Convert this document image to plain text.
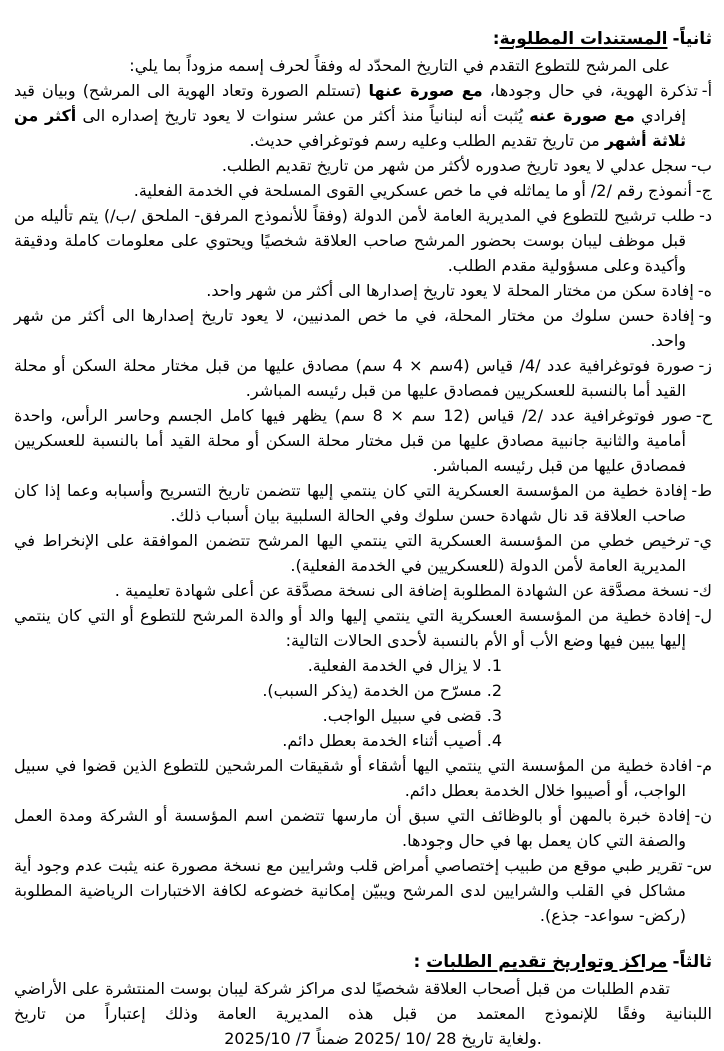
ثانياً-المستندات المطلوبة:

على المرشح للتطوع التقدم في التاريخ المحدّد له وفقاً لحرف إسمه مزوداً بما يلي:

أ-تذكرة الهوية، في حال وجودها، مع صورة عنها (تستلم الصورة وتعاد الهوية الى المرشح) وبيان قيد إفرادي مع صورة عنه يُثبت أنه لبنانياً منذ أكثر من عشر سنوات لا يعود تاريخ إصداره الى أكثر من ثلاثة أشهر من تاريخ تقديم الطلب وعليه رسم فوتوغرافي حديث.
ب-سجل عدلي لا يعود تاريخ صدوره لأكثر من شهر من تاريخ تقديم الطلب.
ج-أنموذج رقم /2/ أو ما يماثله في ما خص عسكريي القوى المسلحة في الخدمة الفعلية.
د-طلب ترشيح للتطوع في المديرية العامة لأمن الدولة (وفقاً للأنموذج المرفق- الملحق /ب/) يتم تأليله من قبل موظف ليبان بوست بحضور المرشح صاحب العلاقة شخصيًا ويحتوي على معلومات كاملة ودقيقة وأكيدة وعلى مسؤولية مقدم الطلب.
ه-إفادة سكن من مختار المحلة لا يعود تاريخ إصدارها الى أكثر من شهر واحد.
و-إفادة حسن سلوك من مختار المحلة، في ما خص المدنيين، لا يعود تاريخ إصدارها الى أكثر من شهر واحد.
ز-صورة فوتوغرافية عدد /4/ قياس (4سم × 4 سم) مصادق عليها من قبل مختار محلة السكن أو محلة القيد أما بالنسبة للعسكريين فمصادق عليها من قبل رئيسه المباشر.
ح-صور فوتوغرافية عدد /2/ قياس (12 سم × 8 سم) يظهر فيها كامل الجسم وحاسر الرأس، واحدة أمامية والثانية جانبية مصادق عليها من قبل مختار محلة السكن أو محلة القيد أما بالنسبة للعسكريين فمصادق عليها من قبل رئيسه المباشر.
ط-إفادة خطية من المؤسسة العسكرية التي كان ينتمي إليها تتضمن تاريخ التسريح وأسبابه وعما إذا كان صاحب العلاقة قد نال شهادة حسن سلوك وفي الحالة السلبية بيان أسباب ذلك.
ي-ترخيص خطي من المؤسسة العسكرية التي ينتمي اليها المرشح تتضمن الموافقة على الإنخراط في المديرية العامة لأمن الدولة (للعسكريين في الخدمة الفعلية).
ك-نسخة مصدَّقة عن الشهادة المطلوبة إضافة الى نسخة مصدَّقة عن أعلى شهادة تعليمية .
ل-إفادة خطية من المؤسسة العسكرية التي ينتمي إليها والد أو والدة المرشح للتطوع أو التي كان ينتمي إليها يبين فيها وضع الأب أو الأم بالنسبة لأحدى الحالات التالية:
1. لا يزال في الخدمة الفعلية.
2. مسرّح من الخدمة (يذكر السبب).
3. قضى في سبيل الواجب.
4. أصيب أثناء الخدمة بعطل دائم.
م-افادة خطية من المؤسسة التي ينتمي اليها أشقاء أو شقيقات المرشحين للتطوع الذين قضوا في سبيل الواجب، أو أصيبوا خلال الخدمة بعطل دائم.
ن-إفادة خبرة بالمهن أو بالوظائف التي سبق أن مارسها تتضمن اسم المؤسسة أو الشركة ومدة العمل والصفة التي كان يعمل بها في حال وجودها.
س-تقرير طبي موقع من طبيب إختصاصي أمراض قلب وشرايين مع نسخة مصورة عنه يثبت عدم وجود أية مشاكل في القلب والشرايين لدى المرشح ويبيّن إمكانية خضوعه لكافة الاختبارات الرياضية المطلوبة (ركض- سواعد- جذع).
ثالثاً-مراكز وتواريخ تقديم الطلبات :

تقدم الطلبات من قبل أصحاب العلاقة شخصيًا لدى مراكز شركة ليبان بوست المنتشرة على الأراضي اللبنانية وفقًا للإنموذج المعتمد من قبل هذه المديرية العامة وذلك إعتباراً من تاريخ

2025/10 /7 ولغاية تاريخ 28 /10 /2025 ضمناً.
